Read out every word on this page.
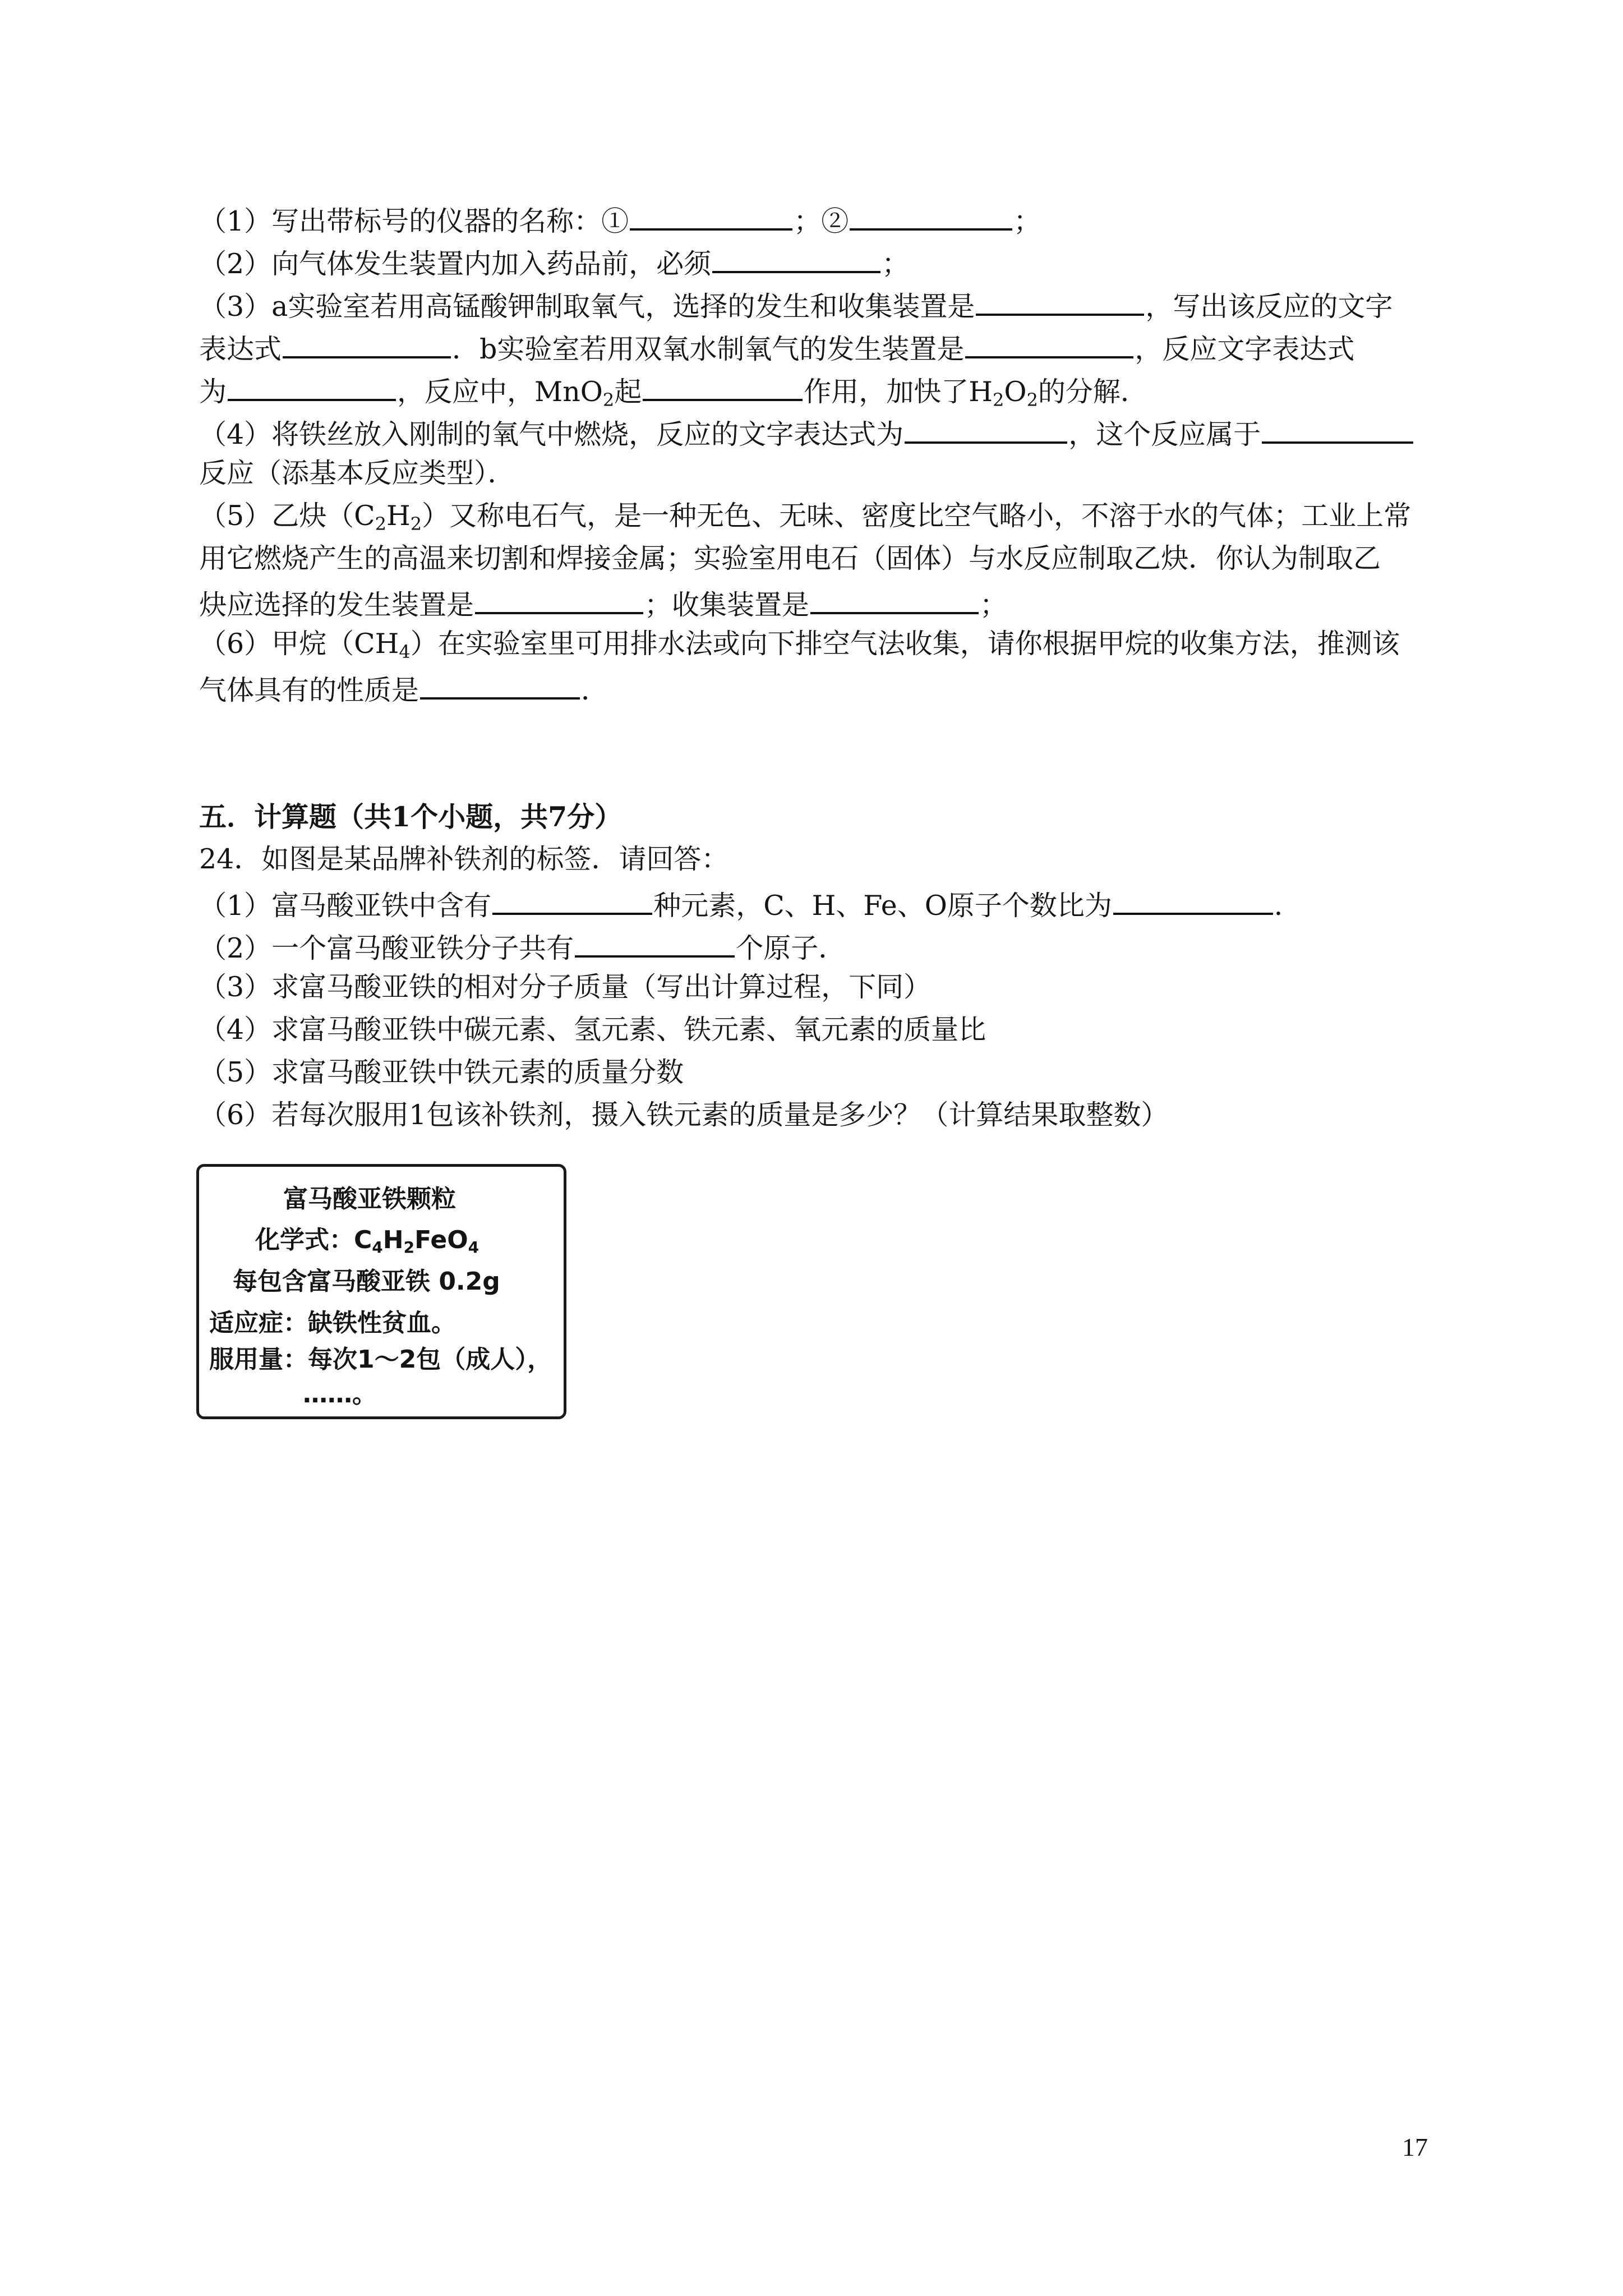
（1）写出带标号的仪器的名称：①	；②	；
（2）向气体发生装置内加入药品前，必须	；
（3）a实验室若用高锰酸钾制取氧气，选择的发生和收集装置是	，写出该反应的文字
表达式	．b实验室若用双氧水制氧气的发生装置是	，反应文字表达式
为	，反应中，MnO$_2$起	作用，加快了$H_2O_2$的分解．
（4）将铁丝放入刚制的氧气中燃烧，反应的文字表达式为	，这个反应属于
反应（添基本反应类型）．
（5）乙炔$(C_2H_2)$又称电石气，是一种无色、无味、密度比空气略小，不溶于水的气体；工业上常
用它燃烧产生的高温来切割和焊接金属；实验室用电石（固体）与水反应制取乙炔．你认为制取乙
炔应选择的发生装置是	；收集装置是	；
（6）甲烷$(CH_4)$在实验室里可用排水法或向下排空气法收集，请你根据甲烷的收集方法，推测该
气体具有的性质是	．
五．计算题（共1个小题，共7分）
24．如图是某品牌补铁剂的标签．请回答：
（1）富马酸亚铁中含有	种元素，C、H、Fe、O原子个数比为	．
（2）一个富马酸亚铁分子共有	个原子．
（3）求富马酸亚铁的相对分子质量（写出计算过程，下同）
（4）求富马酸亚铁中碳元素、氢元素、铁元素、氧元素的质量比
（5）求富马酸亚铁中铁元素的质量分数
（6）若每次服用1包该补铁剂，摄入铁元素的质量是多少？（计算结果取整数）
富马酸亚铁颗粒
化学式：C4H2FeO4
每包含富马酸亚铁 0.2g
适应症：缺铁性贫血。
服用量：每次1～2包（成人），
……。
17
